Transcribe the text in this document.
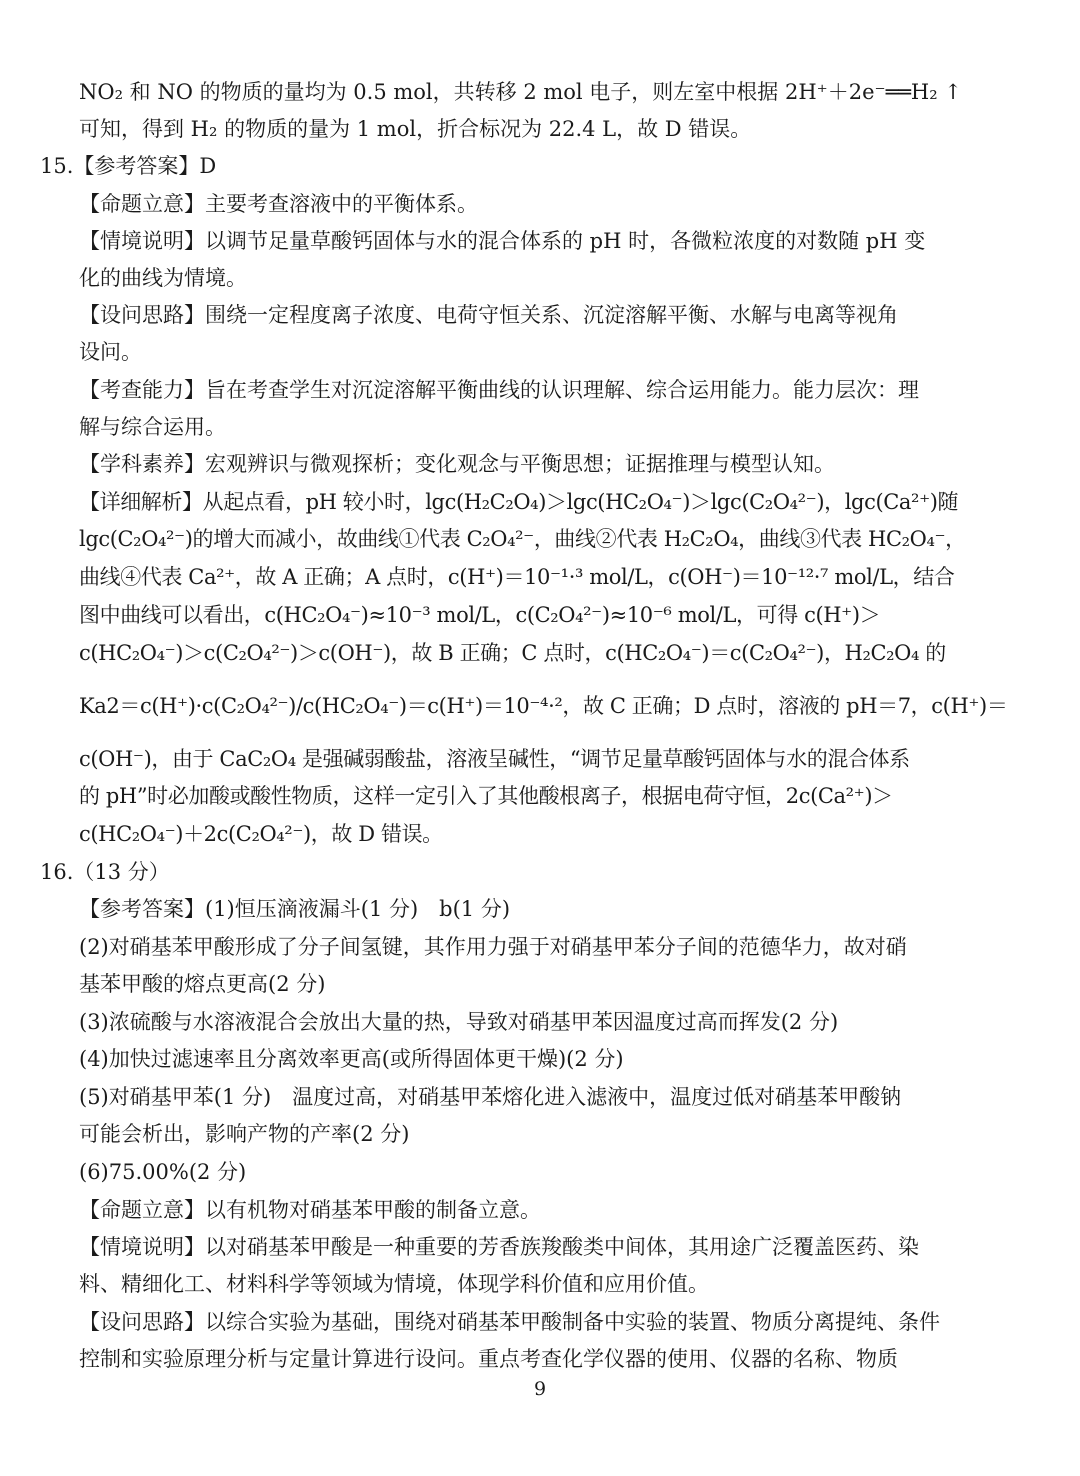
NO₂ 和 NO 的物质的量均为 0.5 mol，共转移 2 mol 电子，则左室中根据 2H⁺＋2e⁻══H₂ ↑
可知，得到 H₂ 的物质的量为 1 mol，折合标况为 22.4 L，故 D 错误。
15.【参考答案】D
【命题立意】主要考查溶液中的平衡体系。
【情境说明】以调节足量草酸钙固体与水的混合体系的 pH 时，各微粒浓度的对数随 pH 变
化的曲线为情境。
【设问思路】围绕一定程度离子浓度、电荷守恒关系、沉淀溶解平衡、水解与电离等视角
设问。
【考查能力】旨在考查学生对沉淀溶解平衡曲线的认识理解、综合运用能力。能力层次：理
解与综合运用。
【学科素养】宏观辨识与微观探析；变化观念与平衡思想；证据推理与模型认知。
【详细解析】从起点看，pH 较小时，lgc(H₂C₂O₄)＞lgc(HC₂O₄⁻)＞lgc(C₂O₄²⁻)，lgc(Ca²⁺)随
lgc(C₂O₄²⁻)的增大而减小，故曲线①代表 C₂O₄²⁻，曲线②代表 H₂C₂O₄，曲线③代表 HC₂O₄⁻，
曲线④代表 Ca²⁺，故 A 正确；A 点时，c(H⁺)＝10⁻¹·³ mol/L，c(OH⁻)＝10⁻¹²·⁷ mol/L，结合
图中曲线可以看出，c(HC₂O₄⁻)≈10⁻³ mol/L，c(C₂O₄²⁻)≈10⁻⁶ mol/L，可得 c(H⁺)＞
c(HC₂O₄⁻)＞c(C₂O₄²⁻)＞c(OH⁻)，故 B 正确；C 点时，c(HC₂O₄⁻)＝c(C₂O₄²⁻)，H₂C₂O₄ 的
Ka2＝c(H⁺)·c(C₂O₄²⁻)/c(HC₂O₄⁻)＝c(H⁺)＝10⁻⁴·²，故 C 正确；D 点时，溶液的 pH＝7，c(H⁺)＝
c(OH⁻)，由于 CaC₂O₄ 是强碱弱酸盐，溶液呈碱性，“调节足量草酸钙固体与水的混合体系
的 pH”时必加酸或酸性物质，这样一定引入了其他酸根离子，根据电荷守恒，2c(Ca²⁺)＞
c(HC₂O₄⁻)＋2c(C₂O₄²⁻)，故 D 错误。
16.（13 分）
【参考答案】(1)恒压滴液漏斗(1 分)　b(1 分)
(2)对硝基苯甲酸形成了分子间氢键，其作用力强于对硝基甲苯分子间的范德华力，故对硝
基苯甲酸的熔点更高(2 分)
(3)浓硫酸与水溶液混合会放出大量的热，导致对硝基甲苯因温度过高而挥发(2 分)
(4)加快过滤速率且分离效率更高(或所得固体更干燥)(2 分)
(5)对硝基甲苯(1 分)　温度过高，对硝基甲苯熔化进入滤液中，温度过低对硝基苯甲酸钠
可能会析出，影响产物的产率(2 分)
(6)75.00%(2 分)
【命题立意】以有机物对硝基苯甲酸的制备立意。
【情境说明】以对硝基苯甲酸是一种重要的芳香族羧酸类中间体，其用途广泛覆盖医药、染
料、精细化工、材料科学等领域为情境，体现学科价值和应用价值。
【设问思路】以综合实验为基础，围绕对硝基苯甲酸制备中实验的装置、物质分离提纯、条件
控制和实验原理分析与定量计算进行设问。重点考查化学仪器的使用、仪器的名称、物质
9
